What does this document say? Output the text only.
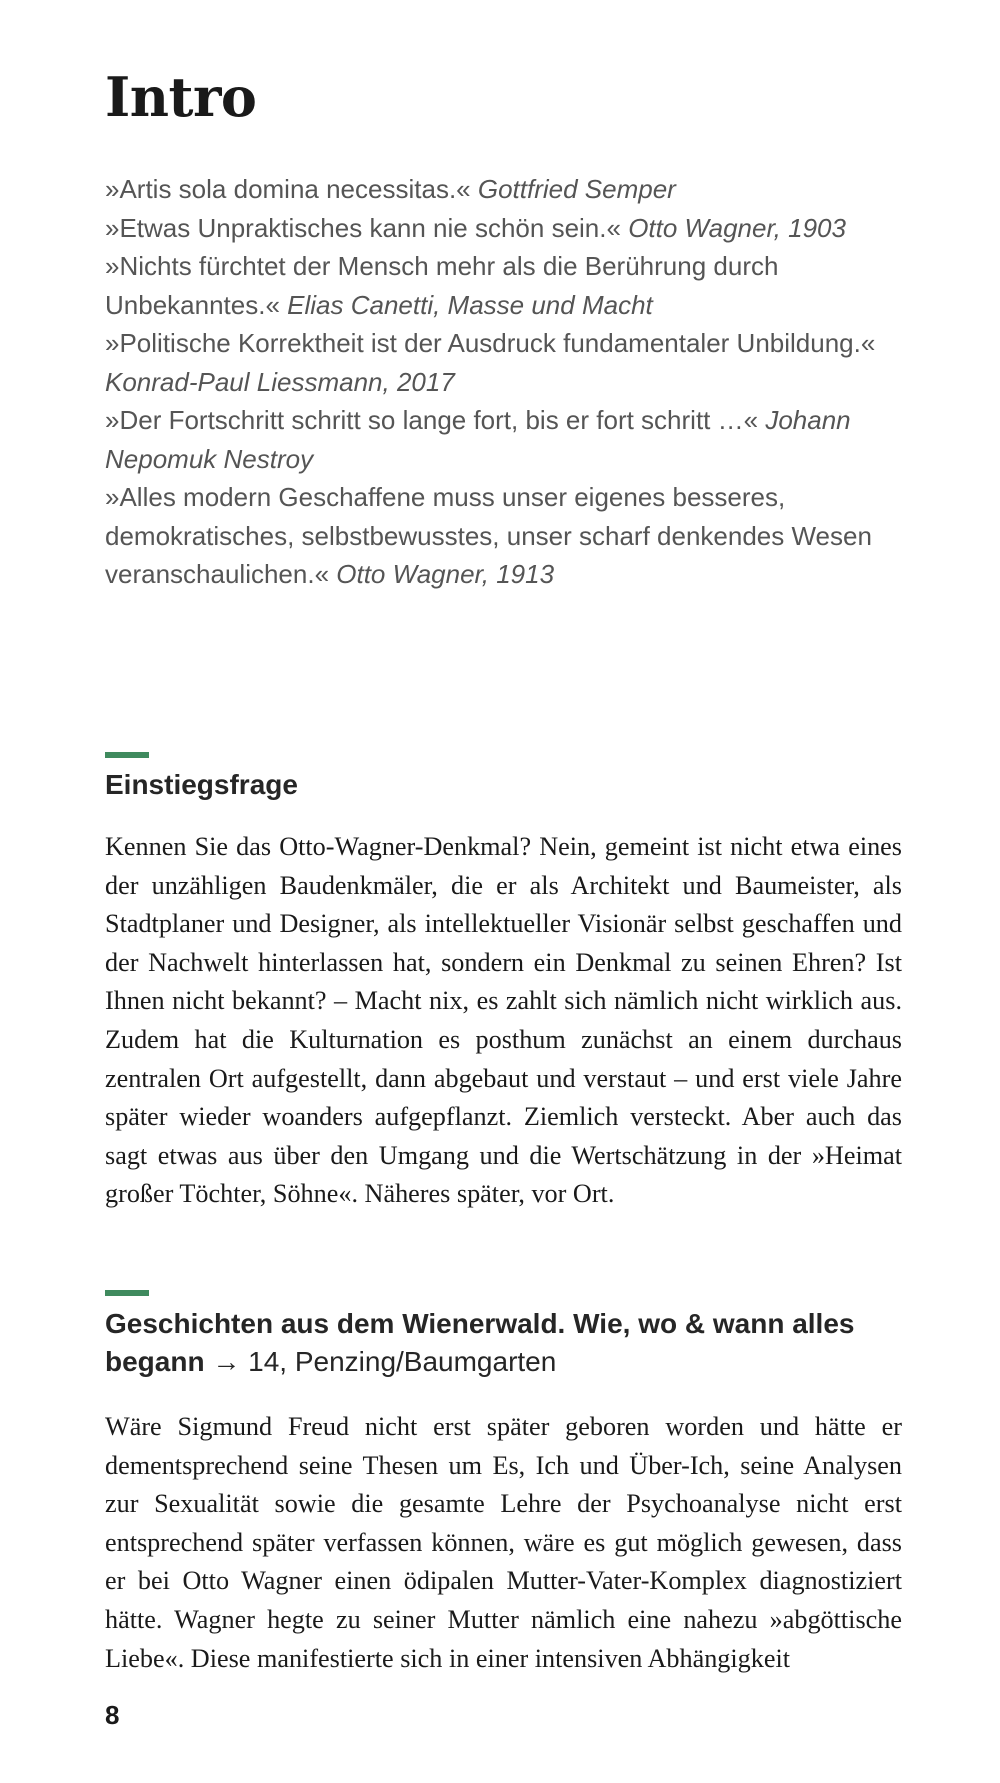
Intro

»Artis sola domina necessitas.« Gottfried Semper

»Etwas Unpraktisches kann nie schön sein.« Otto Wagner, 1903

»Nichts fürchtet der Mensch mehr als die Berührung durch Unbekanntes.« Elias Canetti, Masse und Macht

»Politische Korrektheit ist der Ausdruck fundamentaler Unbildung.« Konrad-Paul Liessmann, 2017

»Der Fortschritt schritt so lange fort, bis er fort schritt …« Johann Nepomuk Nestroy

»Alles modern Geschaffene muss unser eigenes besseres, demokratisches, selbstbewusstes, unser scharf denkendes Wesen veranschaulichen.« Otto Wagner, 1913

Einstiegsfrage

Kennen Sie das Otto-Wagner-Denkmal? Nein, gemeint ist nicht etwa eines der unzähligen Baudenkmäler, die er als Architekt und Baumeister, als Stadtplaner und Designer, als intellektueller Visionär selbst geschaffen und der Nachwelt hinterlassen hat, sondern ein Denkmal zu seinen Ehren? Ist Ihnen nicht bekannt? – Macht nix, es zahlt sich nämlich nicht wirklich aus. Zudem hat die Kulturnation es posthum zunächst an einem durchaus zentralen Ort aufgestellt, dann abgebaut und verstaut – und erst viele Jahre später wieder woanders aufgepflanzt. Ziemlich versteckt. Aber auch das sagt etwas aus über den Umgang und die Wertschätzung in der »Heimat großer Töchter, Söhne«. Näheres später, vor Ort.

Geschichten aus dem Wienerwald. Wie, wo & wann alles begann → 14, Penzing/Baumgarten

Wäre Sigmund Freud nicht erst später geboren worden und hätte er dementsprechend seine Thesen um Es, Ich und Über-Ich, seine Analysen zur Sexualität sowie die gesamte Lehre der Psychoanalyse nicht erst entsprechend später verfassen können, wäre es gut möglich gewesen, dass er bei Otto Wagner einen ödipalen Mutter-Vater-Komplex diagnostiziert hätte. Wagner hegte zu seiner Mutter nämlich eine nahezu »abgöttische Liebe«. Diese manifestierte sich in einer intensiven Abhängigkeit

8
